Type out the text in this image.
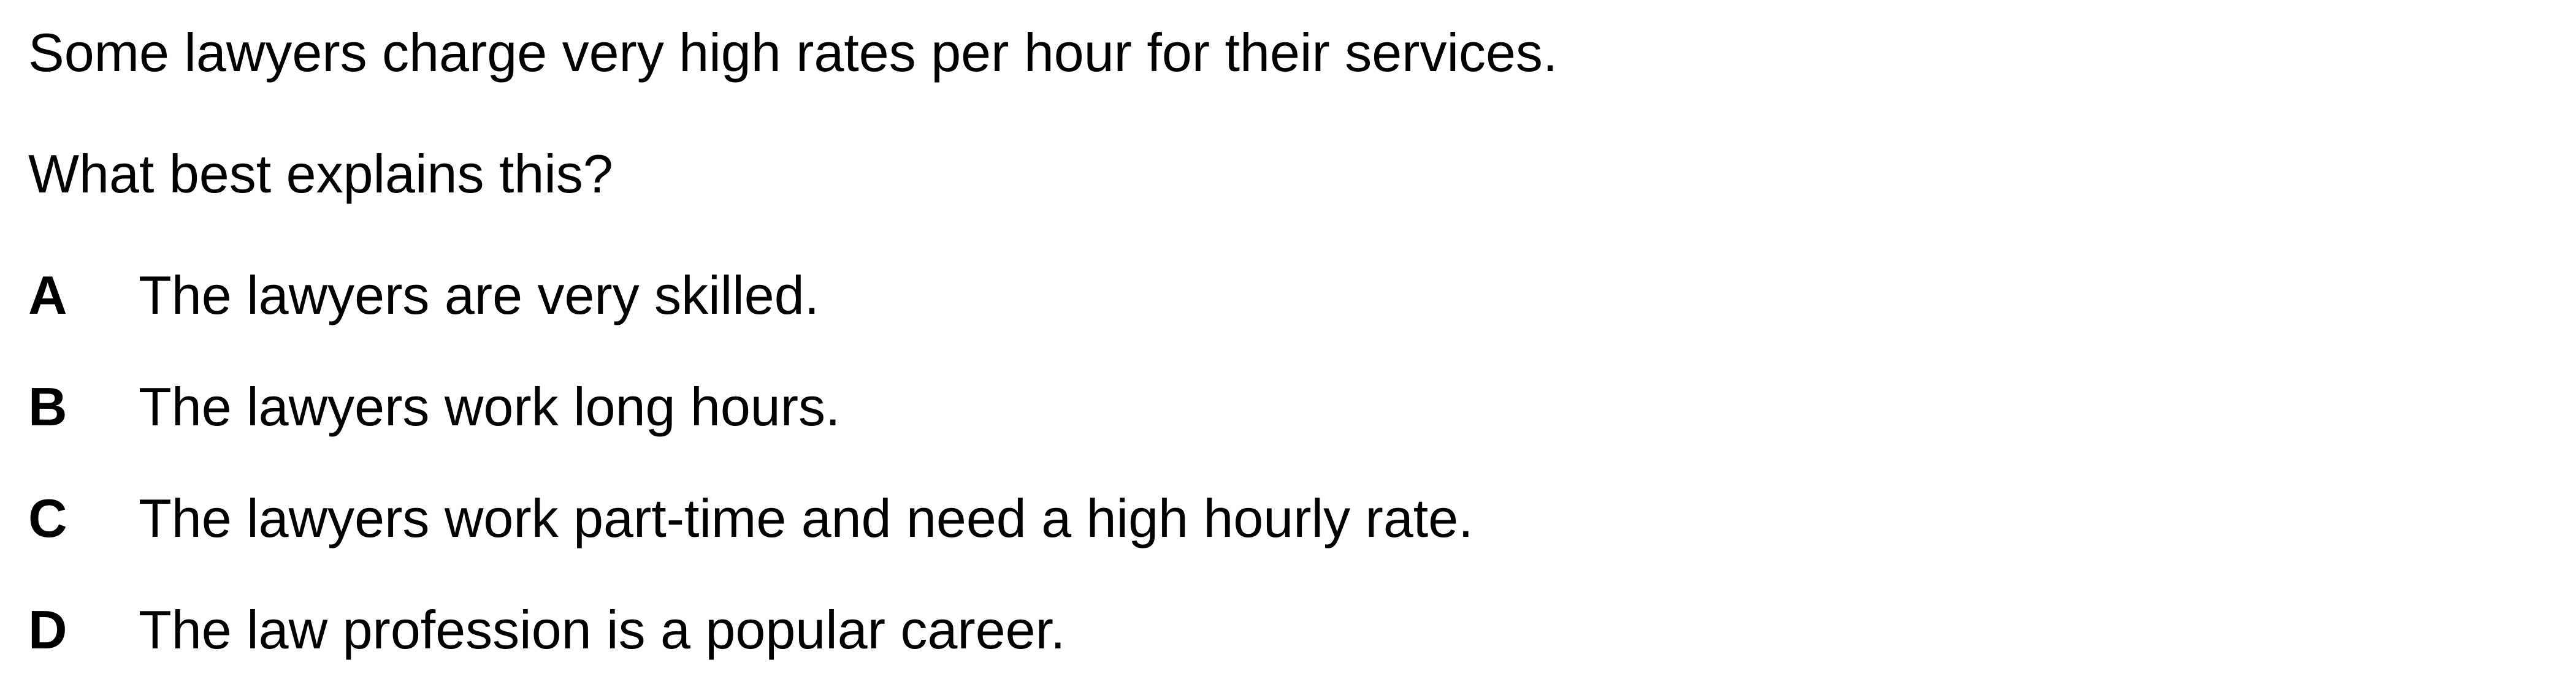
Some lawyers charge very high rates per hour for their services.
What best explains this?
A The lawyers are very skilled.
B The lawyers work long hours.
C The lawyers work part-time and need a high hourly rate.
D The law profession is a popular career.
